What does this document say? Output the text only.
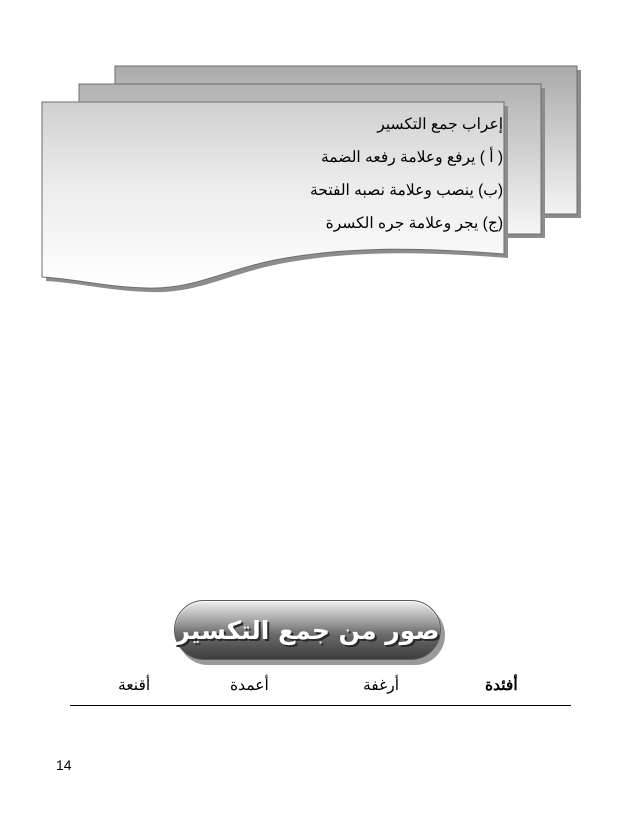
إعراب جمع التكسير
( أ ) يرفع وعلامة رفعه الضمة
(ب) ينصب وعلامة نصبه الفتحة
(ج) يجر وعلامة جره الكسرة
صور من جمع التكسير
أفئدة
أرغفة
أعمدة
أقنعة
14
